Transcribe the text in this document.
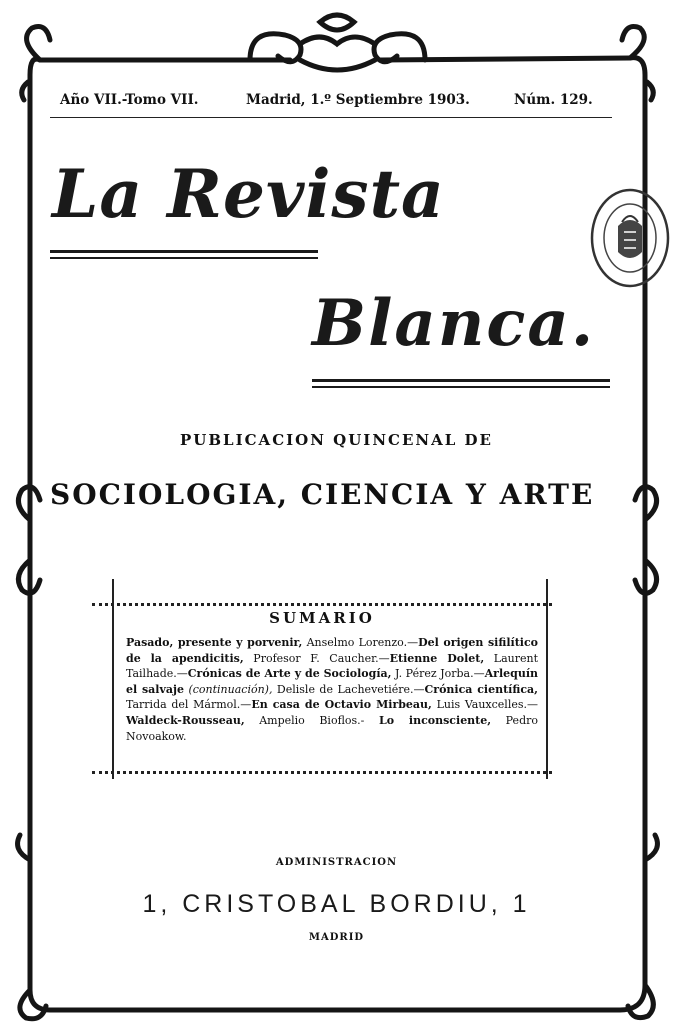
Año VII.-Tomo VII.	Madrid, 1.º Septiembre 1903.	Núm. 129.
La Revista
Blanca.
PUBLICACION QUINCENAL DE
SOCIOLOGIA, CIENCIA Y ARTE
SUMARIO
Pasado, presente y porvenir, Anselmo Lorenzo.—Del origen sifilítico de la apendicitis, Profesor F. Caucher.—Etienne Dolet, Laurent Tailhade.—Crónicas de Arte y de Sociología, J. Pérez Jorba.—Arlequín el salvaje (continuación), Delisle de Lachevetiére.—Crónica científica, Tarrida del Mármol.—En casa de Octavio Mirbeau, Luis Vauxcelles.—Waldeck-Rousseau, Ampelio Bioflos.- Lo inconsciente, Pedro Novoakow.
ADMINISTRACION
1, CRISTOBAL BORDIU, 1
MADRID
